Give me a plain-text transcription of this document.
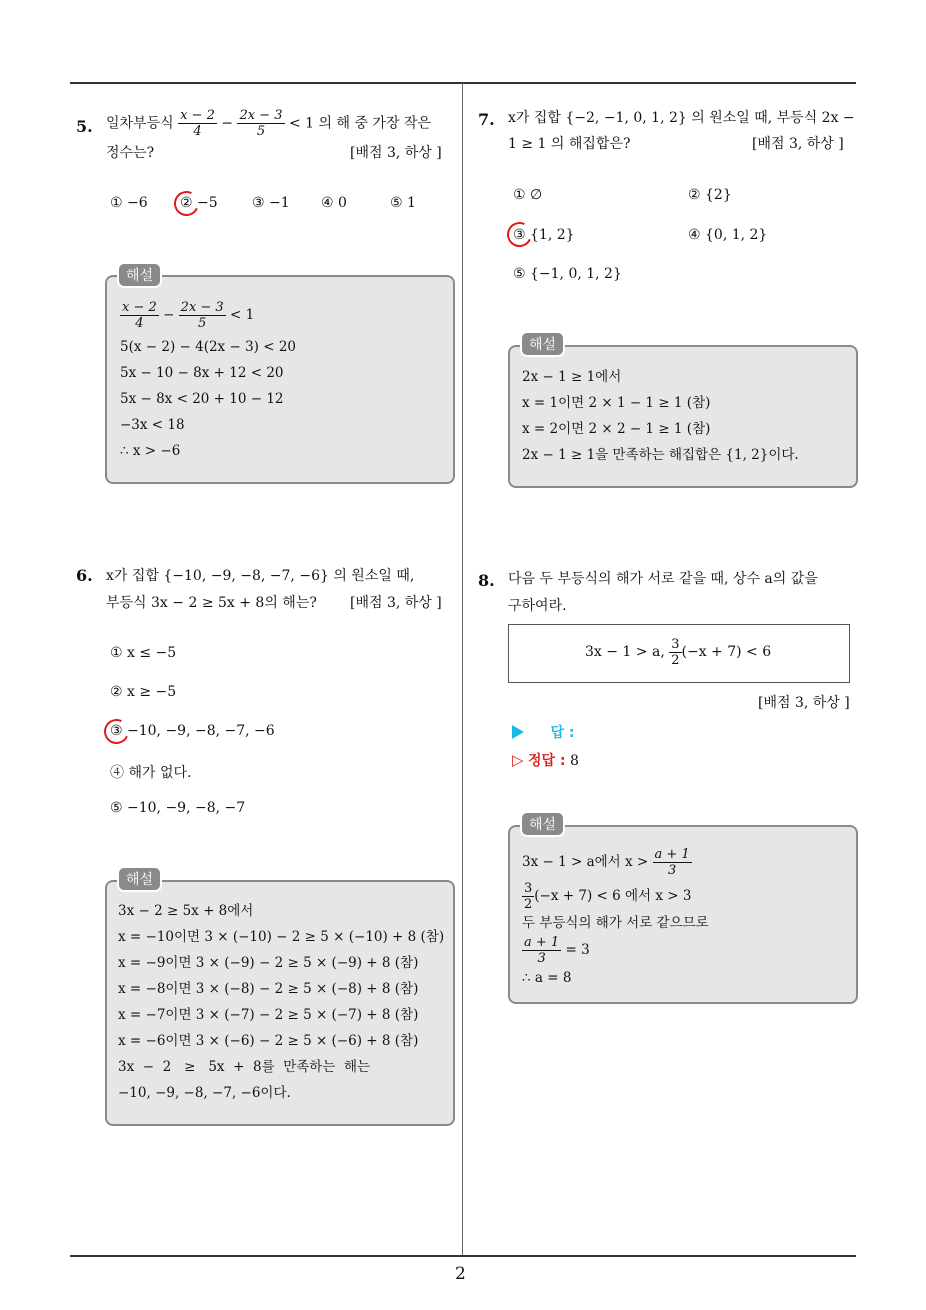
2
5. 일차부등식 $\frac{x - 2}{4} - \frac{2x - 3}{5} < 1$ 의 해 중 가장 작은
정수는?	[배점 3, 하상 ]
① −6 ② −5 ③ −1 ④ 0	⑤ 1
해설
$\frac{x - 2}{4} - \frac{2x - 3}{5} < 1$
5(x − 2) − 4(2x − 3) < 20
5x − 10 − 8x + 12 < 20
5x − 8x < 20 + 10 − 12
−3x < 18
∴ x > −6
6. x가 집합 {−10, −9, −8, −7, −6} 의 원소일 때,
부등식 3x − 2 ≥ 5x + 8의 해는? [배점 3, 하상 ]
① x ≤ −5
② x ≥ −5
③ −10, −9, −8, −7, −6
④ 해가 없다.
⑤ −10, −9, −8, −7
해설
3x − 2 ≥ 5x + 8에서
x = −10이면 3 × (−10) − 2 ≥ 5 × (−10) + 8 (참)
x = −9이면 3 × (−9) − 2 ≥ 5 × (−9) + 8 (참)
x = −8이면 3 × (−8) − 2 ≥ 5 × (−8) + 8 (참)
x = −7이면 3 × (−7) − 2 ≥ 5 × (−7) + 8 (참)
x = −6이면 3 × (−6) − 2 ≥ 5 × (−6) + 8 (참)
3x  −  2   ≥   5x  +  8를  만족하는  해는
−10, −9, −8, −7, −6이다.
7. x가 집합 {−2, −1, 0, 1, 2} 의 원소일 때, 부등식 2x −
1 ≥ 1 의 해집합은?	[배점 3, 하상 ]
① ∅	② {2}
③ {1, 2}	④ {0, 1, 2}
⑤ {−1, 0, 1, 2}
해설
2x − 1 ≥ 1에서
x = 1이면 2 × 1 − 1 ≥ 1 (참)
x = 2이면 2 × 2 − 1 ≥ 1 (참)
2x − 1 ≥ 1을 만족하는 해집합은 {1, 2}이다.
8. 다음 두 부등식의 해가 서로 같을 때, 상수 a의 값을
구하여라.
3x − 1 > a, $\frac{3}{2} (-x + 7) < 6$
[배점 3, 하상 ]
답 :
▷ 정답 : 8
해설
3x − 1 > a에서 $x > \frac{a + 1}{3}$
$\frac{3}{2} (-x + 7) < 6$ 에서 x > 3
두 부등식의 해가 서로 같으므로
$\frac{a + 1}{3} = 3$
∴ a = 8
